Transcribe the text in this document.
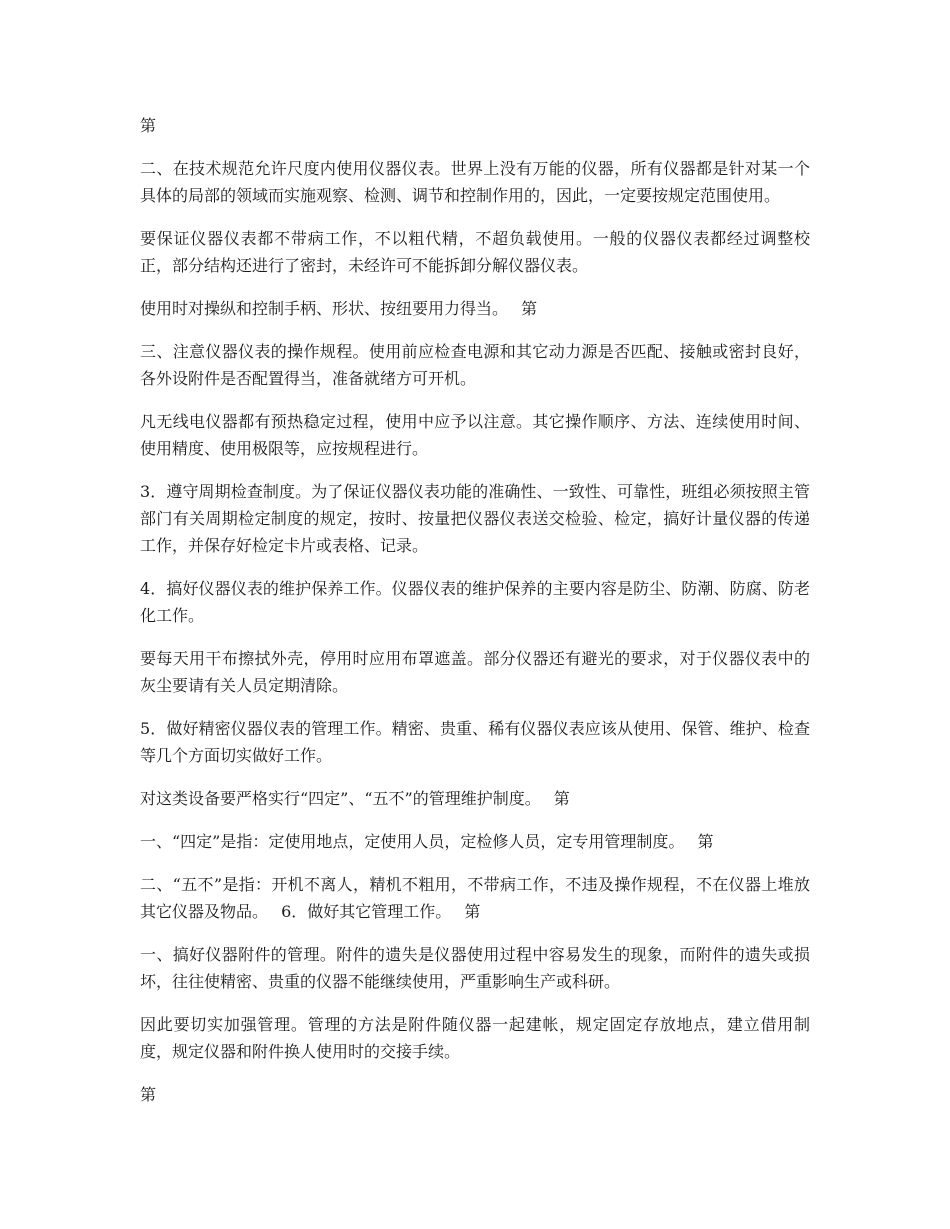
第

二、在技术规范允许尺度内使用仪器仪表。世界上没有万能的仪器，所有仪器都是针对某一个具体的局部的领域而实施观察、检测、调节和控制作用的，因此，一定要按规定范围使用。

要保证仪器仪表都不带病工作，不以粗代精，不超负载使用。一般的仪器仪表都经过调整校正，部分结构还进行了密封，未经许可不能拆卸分解仪器仪表。

使用时对操纵和控制手柄、形状、按纽要用力得当。　 第

三、注意仪器仪表的操作规程。使用前应检查电源和其它动力源是否匹配、接触或密封良好，各外设附件是否配置得当，准备就绪方可开机。

凡无线电仪器都有预热稳定过程，使用中应予以注意。其它操作顺序、方法、连续使用时间、使用精度、使用极限等，应按规程进行。

3．遵守周期检查制度。为了保证仪器仪表功能的准确性、一致性、可靠性，班组必须按照主管部门有关周期检定制度的规定，按时、按量把仪器仪表送交检验、检定，搞好计量仪器的传递工作，并保存好检定卡片或表格、记录。

4．搞好仪器仪表的维护保养工作。仪器仪表的维护保养的主要内容是防尘、防潮、防腐、防老化工作。

要每天用干布擦拭外壳，停用时应用布罩遮盖。部分仪器还有避光的要求，对于仪器仪表中的灰尘要请有关人员定期清除。

5．做好精密仪器仪表的管理工作。精密、贵重、稀有仪器仪表应该从使用、保管、维护、检查等几个方面切实做好工作。

对这类设备要严格实行“四定”、“五不”的管理维护制度。　 第

一、“四定”是指：定使用地点，定使用人员，定检修人员，定专用管理制度。　 第

二、“五不”是指：开机不离人，精机不粗用，不带病工作，不违及操作规程，不在仪器上堆放其它仪器及物品。　 6．做好其它管理工作。　 第

一、搞好仪器附件的管理。附件的遗失是仪器使用过程中容易发生的现象，而附件的遗失或损坏，往往使精密、贵重的仪器不能继续使用，严重影响生产或科研。

因此要切实加强管理。管理的方法是附件随仪器一起建帐，规定固定存放地点，建立借用制度，规定仪器和附件换人使用时的交接手续。

第
